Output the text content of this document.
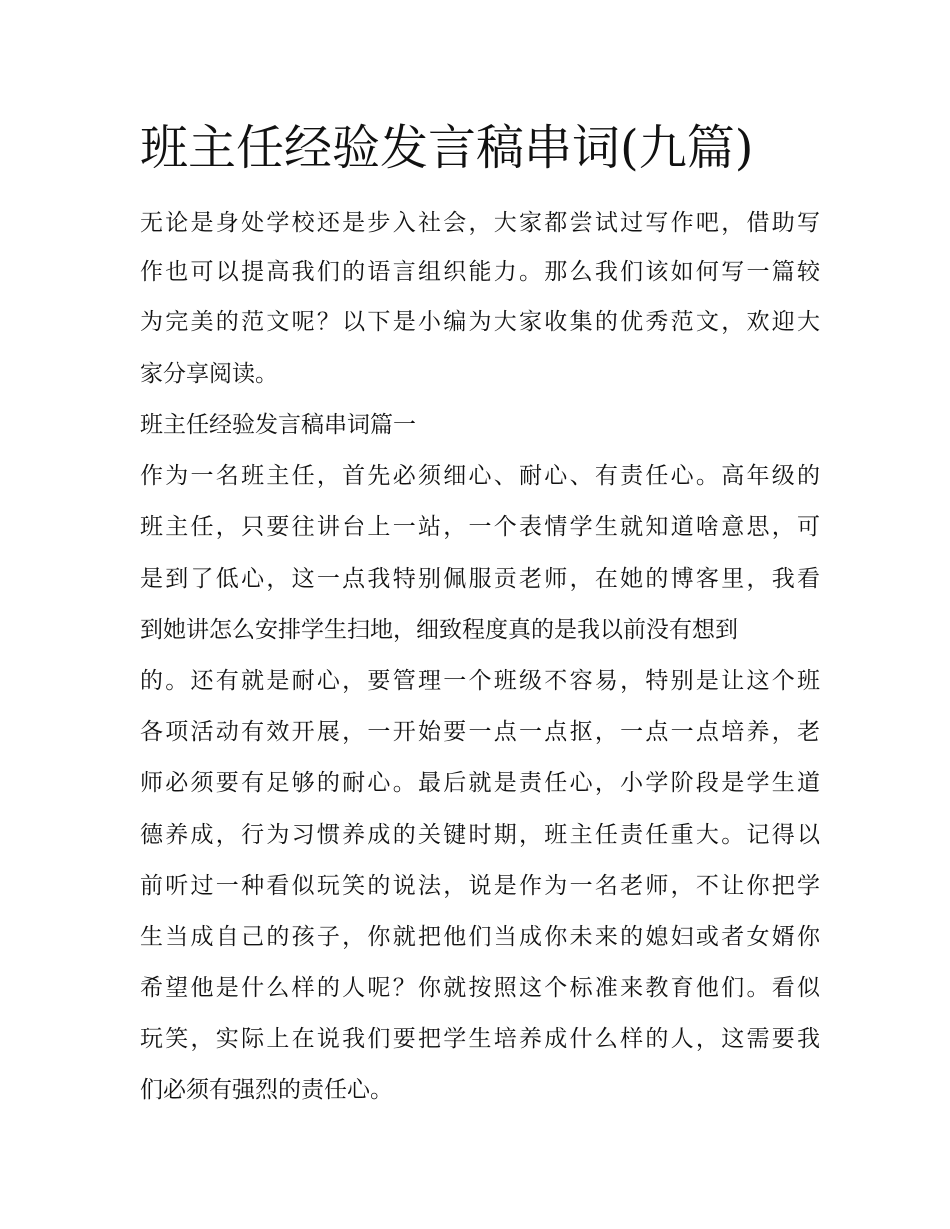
班主任经验发言稿串词(九篇)
无论是身处学校还是步入社会，大家都尝试过写作吧，借助写
作也可以提高我们的语言组织能力。那么我们该如何写一篇较
为完美的范文呢？以下是小编为大家收集的优秀范文，欢迎大
家分享阅读。
班主任经验发言稿串词篇一
作为一名班主任，首先必须细心、耐心、有责任心。高年级的
班主任，只要往讲台上一站，一个表情学生就知道啥意思，可
是到了低心，这一点我特别佩服贡老师，在她的博客里，我看
到她讲怎么安排学生扫地，细致程度真的是我以前没有想到
的。还有就是耐心，要管理一个班级不容易，特别是让这个班
各项活动有效开展，一开始要一点一点抠，一点一点培养，老
师必须要有足够的耐心。最后就是责任心，小学阶段是学生道
德养成，行为习惯养成的关键时期，班主任责任重大。记得以
前听过一种看似玩笑的说法，说是作为一名老师，不让你把学
生当成自己的孩子，你就把他们当成你未来的媳妇或者女婿你
希望他是什么样的人呢？你就按照这个标准来教育他们。看似
玩笑，实际上在说我们要把学生培养成什么样的人，这需要我
们必须有强烈的责任心。
